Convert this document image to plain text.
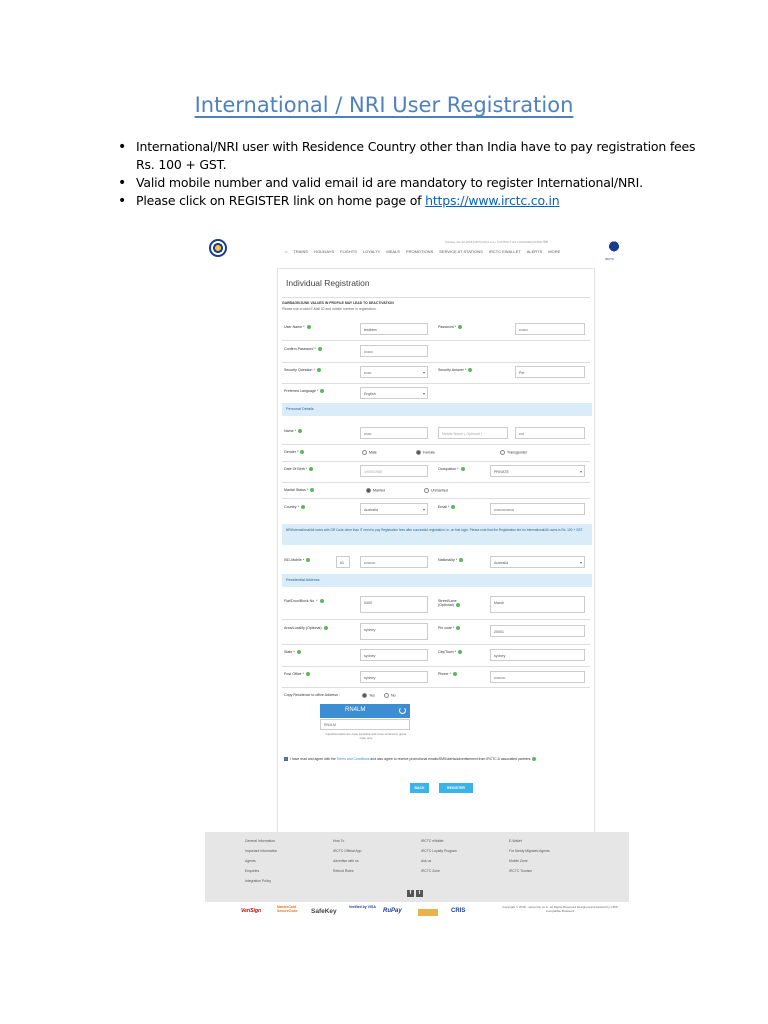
International / NRI User Registration
• International/NRI user with Residence Country other than India have to pay registration fees Rs. 100 + GST.
• Valid mobile number and valid email id are mandatory to register International/NRI.
• Please click on REGISTER link on home page of https://www.irctc.co.in
Sunday, 09-Jul-2018 [18:53:49] A A A+ CONTACT US LOGIN/REGISTER हिंदी
⌂ TRAINS HOLIDAYS FLIGHTS LOYALTY MEALS PROMOTIONS SERVICE AT STATIONS IRCTC EWALLET ALERTS MORE
IRCTC
Individual Registration
GARBAGE/JUNK VALUES IN PROFILE MAY LEAD TO DEACTIVATION
Please use a valid E-Mail ID and mobile number in registration.
User Name *
testbbm
Password *
•••••••
Confirm Password *
•••••••
Security Question *
•••••• ▾
Security Answer *
Pet
Preferred Language *
English ▾
Personal Details
Name *
••••••	Middle Name ( Optional )	••••
Gender *	Male	Female	Transgender
Date Of Birth *
19/05/1988
Occupation *
PRIVATE ▾
Marital Status *	Married	Unmarried
Country *
Australia ▾
Email *
••••••••••••••••
NRI/International/All users with OR Code other than IT need to pay Registration fees after successful registration i.e. on first login. Please note that the Registration fee for International/All users is Rs. 100 + GST.
ISD-Mobile *
61	•••••••••
Nationality *
Australia ▾
Residential Address
Flat/Door/Block No. *	5400	Street/Lane (Optional)	Marsh
Area/Locality (Optional)	sydney	Pin code *
20001
State *
sydney
City/Town *
sydney
Post Office *
sydney
Phone *
•••••••••
Copy Residence to office Address :	Yes	No
RN4LM
RN4LM
Captcha letters are case sensitive and to be entered in upper case only
I have read and agree with the Terms and Conditions and also agree to receive promotional emails/SMS/alerts/advertisement from IRCTC & associated partners
BACK	REGISTER
General Information
Important Information
Agents
Enquiries
Integration Policy
How To
IRCTC Official App
Advertise with us
Refund Rules
IRCTC eWallet
IRCTC Loyalty Program
Ask us
IRCTC Zone
E-Wallet
For Newly Migrated Agents
Mobile Zone
IRCTC Tourism
f	t
VeriSign
MasterCard SecureCode	SafeKey
Verified by VISA
RuPay	CRIS
Copyright © 2018 - www.irctc.co.in. All Rights Reserved Designed and Hosted by CRIS Compatible Browsers
